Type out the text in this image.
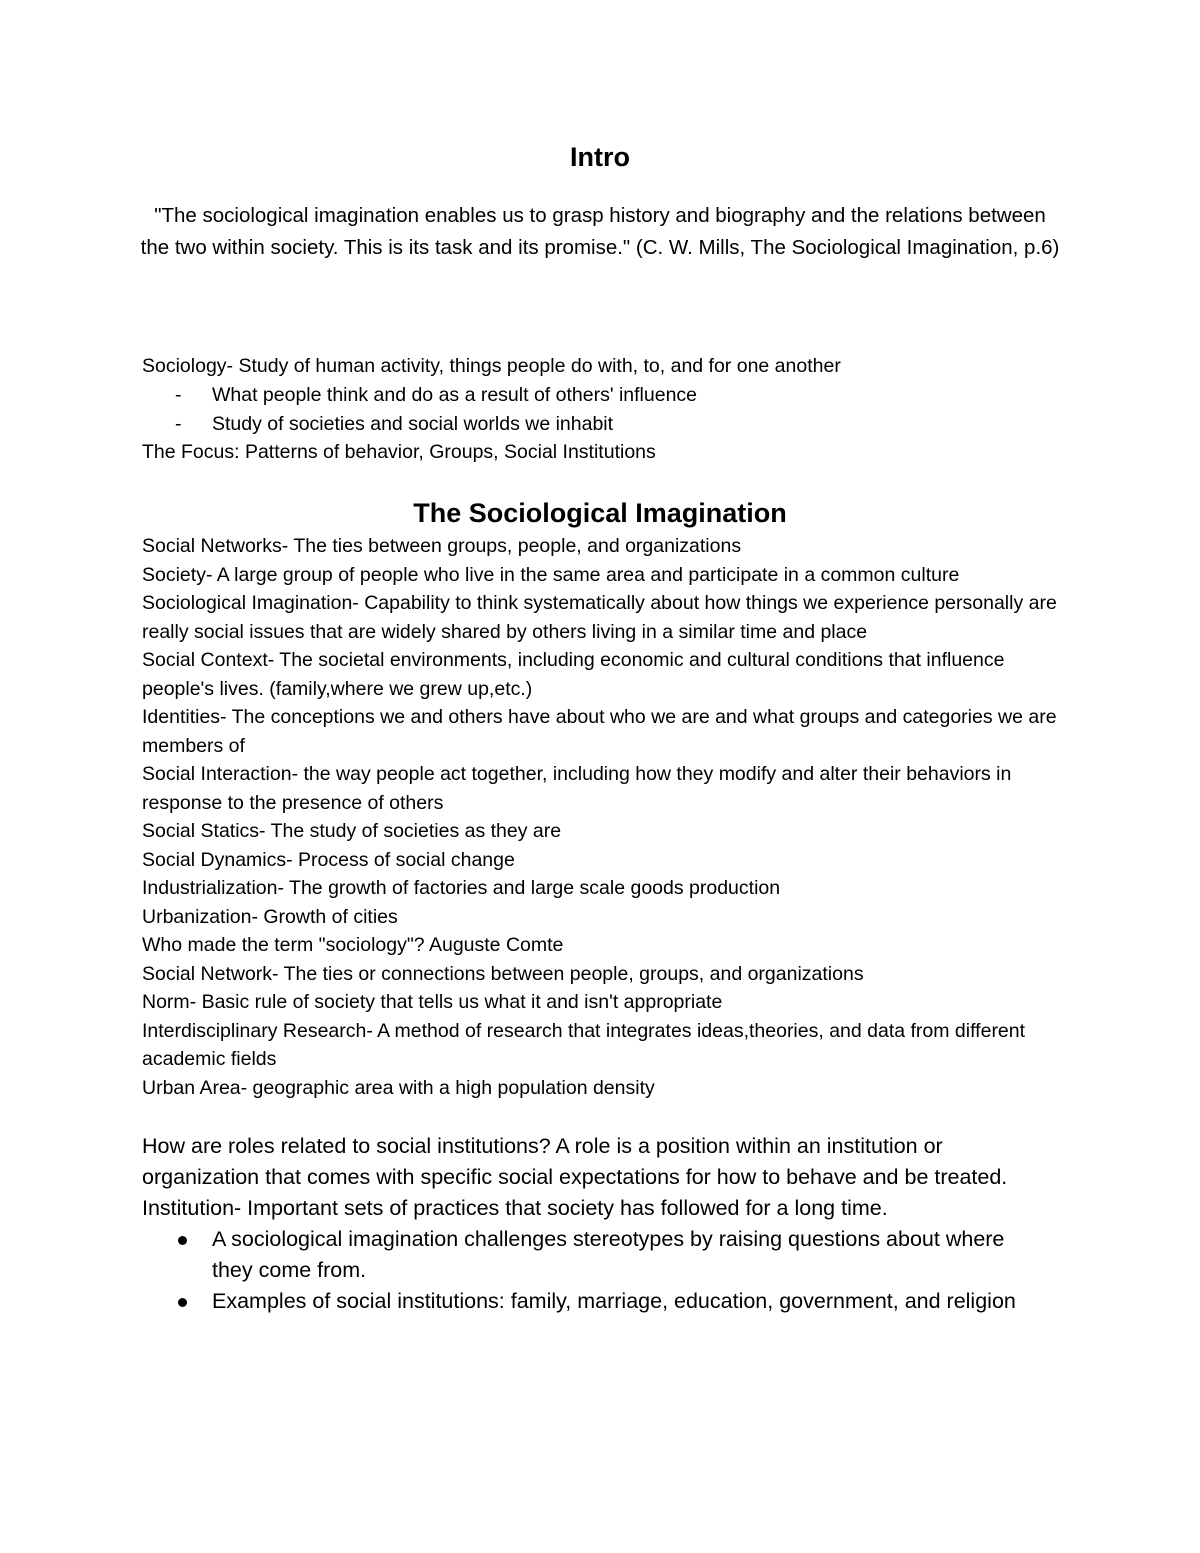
Intro

"The sociological imagination enables us to grasp history and biography and the relations between the two within society. This is its task and its promise." (C. W. Mills, The Sociological Imagination, p.6)

Sociology- Study of human activity, things people do with, to, and for one another
- What people think and do as a result of others' influence
- Study of societies and social worlds we inhabit
The Focus: Patterns of behavior, Groups, Social Institutions
The Sociological Imagination

Social Networks- The ties between groups, people, and organizations

Society- A large group of people who live in the same area and participate in a common culture

Sociological Imagination- Capability to think systematically about how things we experience personally are really social issues that are widely shared by others living in a similar time and place

Social Context- The societal environments, including economic and cultural conditions that influence people's lives. (family,where we grew up,etc.)

Identities- The conceptions we and others have about who we are and what groups and categories we are members of

Social Interaction- the way people act together, including how they modify and alter their behaviors in response to the presence of others

Social Statics- The study of societies as they are

Social Dynamics- Process of social change

Industrialization- The growth of factories and large scale goods production

Urbanization- Growth of cities

Who made the term "sociology"? Auguste Comte

Social Network- The ties or connections between people, groups, and organizations

Norm- Basic rule of society that tells us what it and isn't appropriate

Interdisciplinary Research- A method of research that integrates ideas,theories, and data from different academic fields

Urban Area- geographic area with a high population density

How are roles related to social institutions? A role is a position within an institution or organization that comes with specific social expectations for how to behave and be treated.

Institution- Important sets of practices that society has followed for a long time.

A sociological imagination challenges stereotypes by raising questions about where they come from.
Examples of social institutions: family, marriage, education, government, and religion
